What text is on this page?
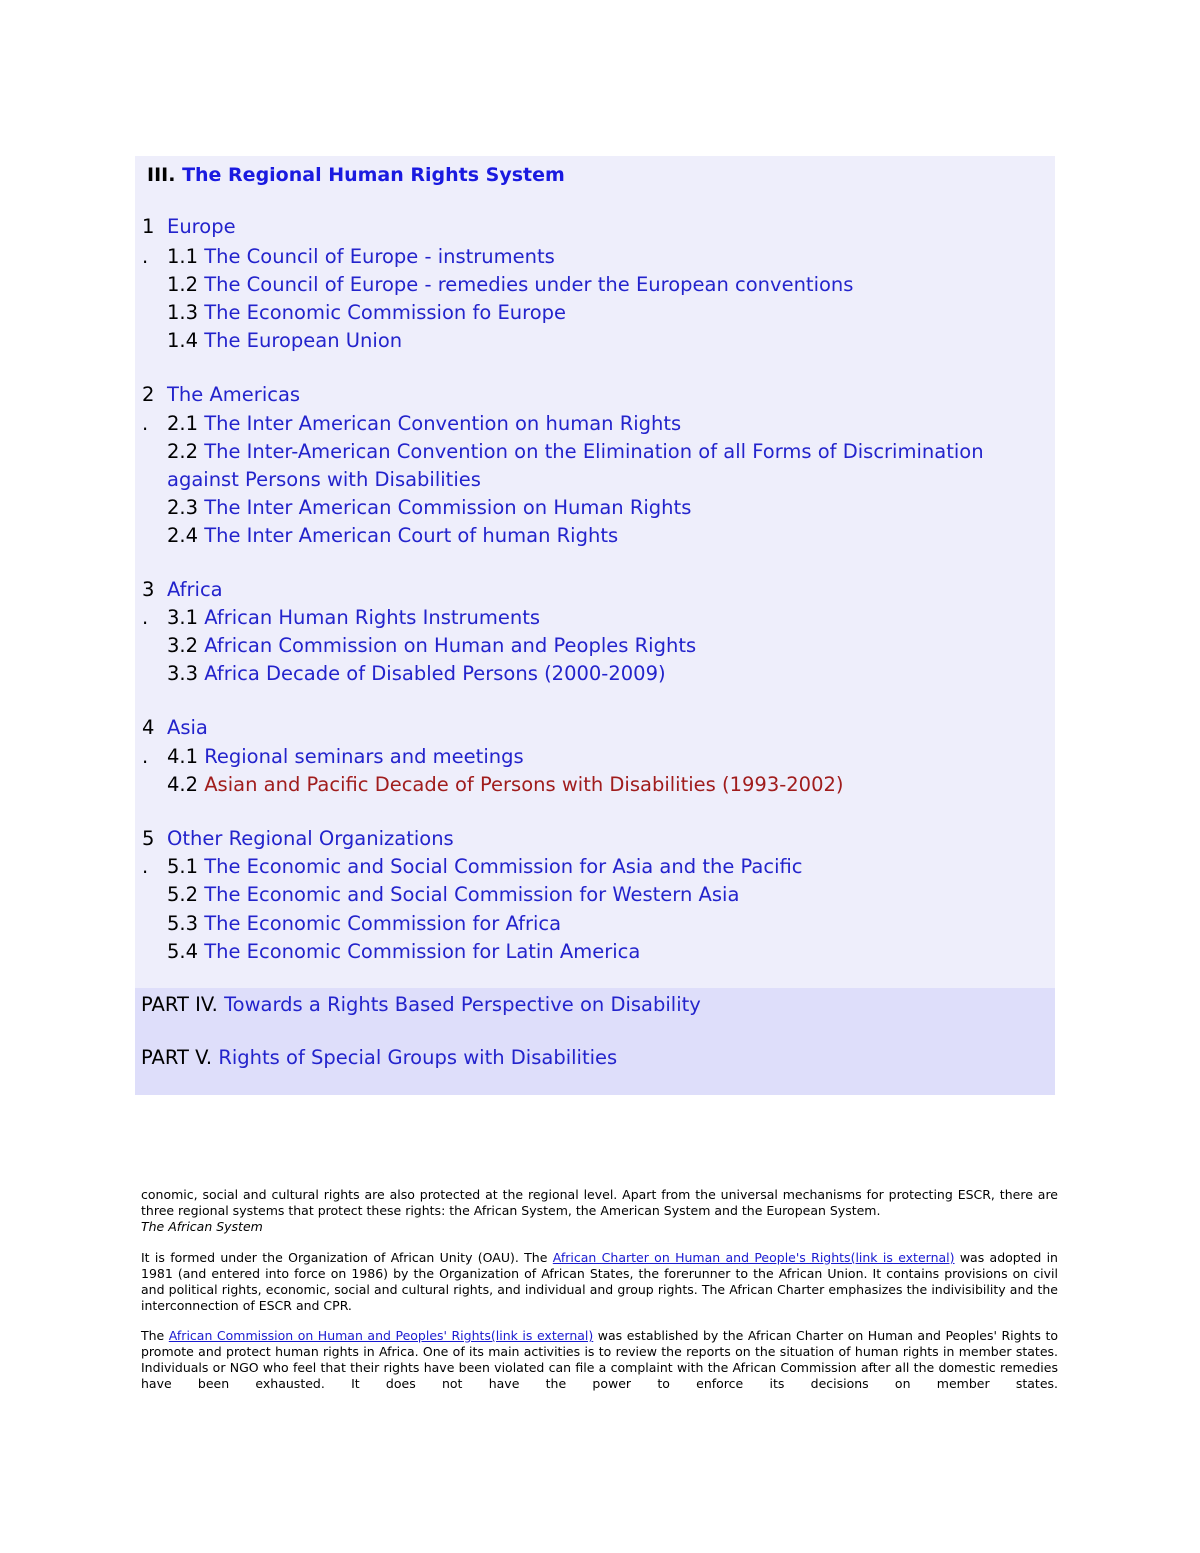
III. The Regional Human Rights System
1 Europe
. 1.1 The Council of Europe - instruments
1.2 The Council of Europe - remedies under the European conventions
1.3 The Economic Commission fo Europe
1.4 The European Union
2 The Americas
. 2.1 The Inter American Convention on human Rights
2.2 The Inter-American Convention on the Elimination of all Forms of Discrimination against Persons with Disabilities
2.3 The Inter American Commission on Human Rights
2.4 The Inter American Court of human Rights
3 Africa
. 3.1 African Human Rights Instruments
3.2 African Commission on Human and Peoples Rights
3.3 Africa Decade of Disabled Persons (2000-2009)
4 Asia
. 4.1 Regional seminars and meetings
4.2 Asian and Pacific Decade of Persons with Disabilities (1993-2002)
5 Other Regional Organizations
. 5.1 The Economic and Social Commission for Asia and the Pacific
5.2 The Economic and Social Commission for Western Asia
5.3 The Economic Commission for Africa
5.4 The Economic Commission for Latin America
PART IV. Towards a Rights Based Perspective on Disability
PART V. Rights of Special Groups with Disabilities
conomic, social and cultural rights are also protected at the regional level. Apart from the universal mechanisms for protecting ESCR, there are three regional systems that protect these rights: the African System, the American System and the European System.
The African System
It is formed under the Organization of African Unity (OAU). The African Charter on Human and People's Rights(link is external) was adopted in 1981 (and entered into force on 1986) by the Organization of African States, the forerunner to the African Union. It contains provisions on civil and political rights, economic, social and cultural rights, and individual and group rights. The African Charter emphasizes the indivisibility and the interconnection of ESCR and CPR.
The African Commission on Human and Peoples' Rights(link is external) was established by the African Charter on Human and Peoples' Rights to promote and protect human rights in Africa. One of its main activities is to review the reports on the situation of human rights in member states. Individuals or NGO who feel that their rights have been violated can file a complaint with the African Commission after all the domestic remedies have been exhausted. It does not have the power to enforce its decisions on member states.
